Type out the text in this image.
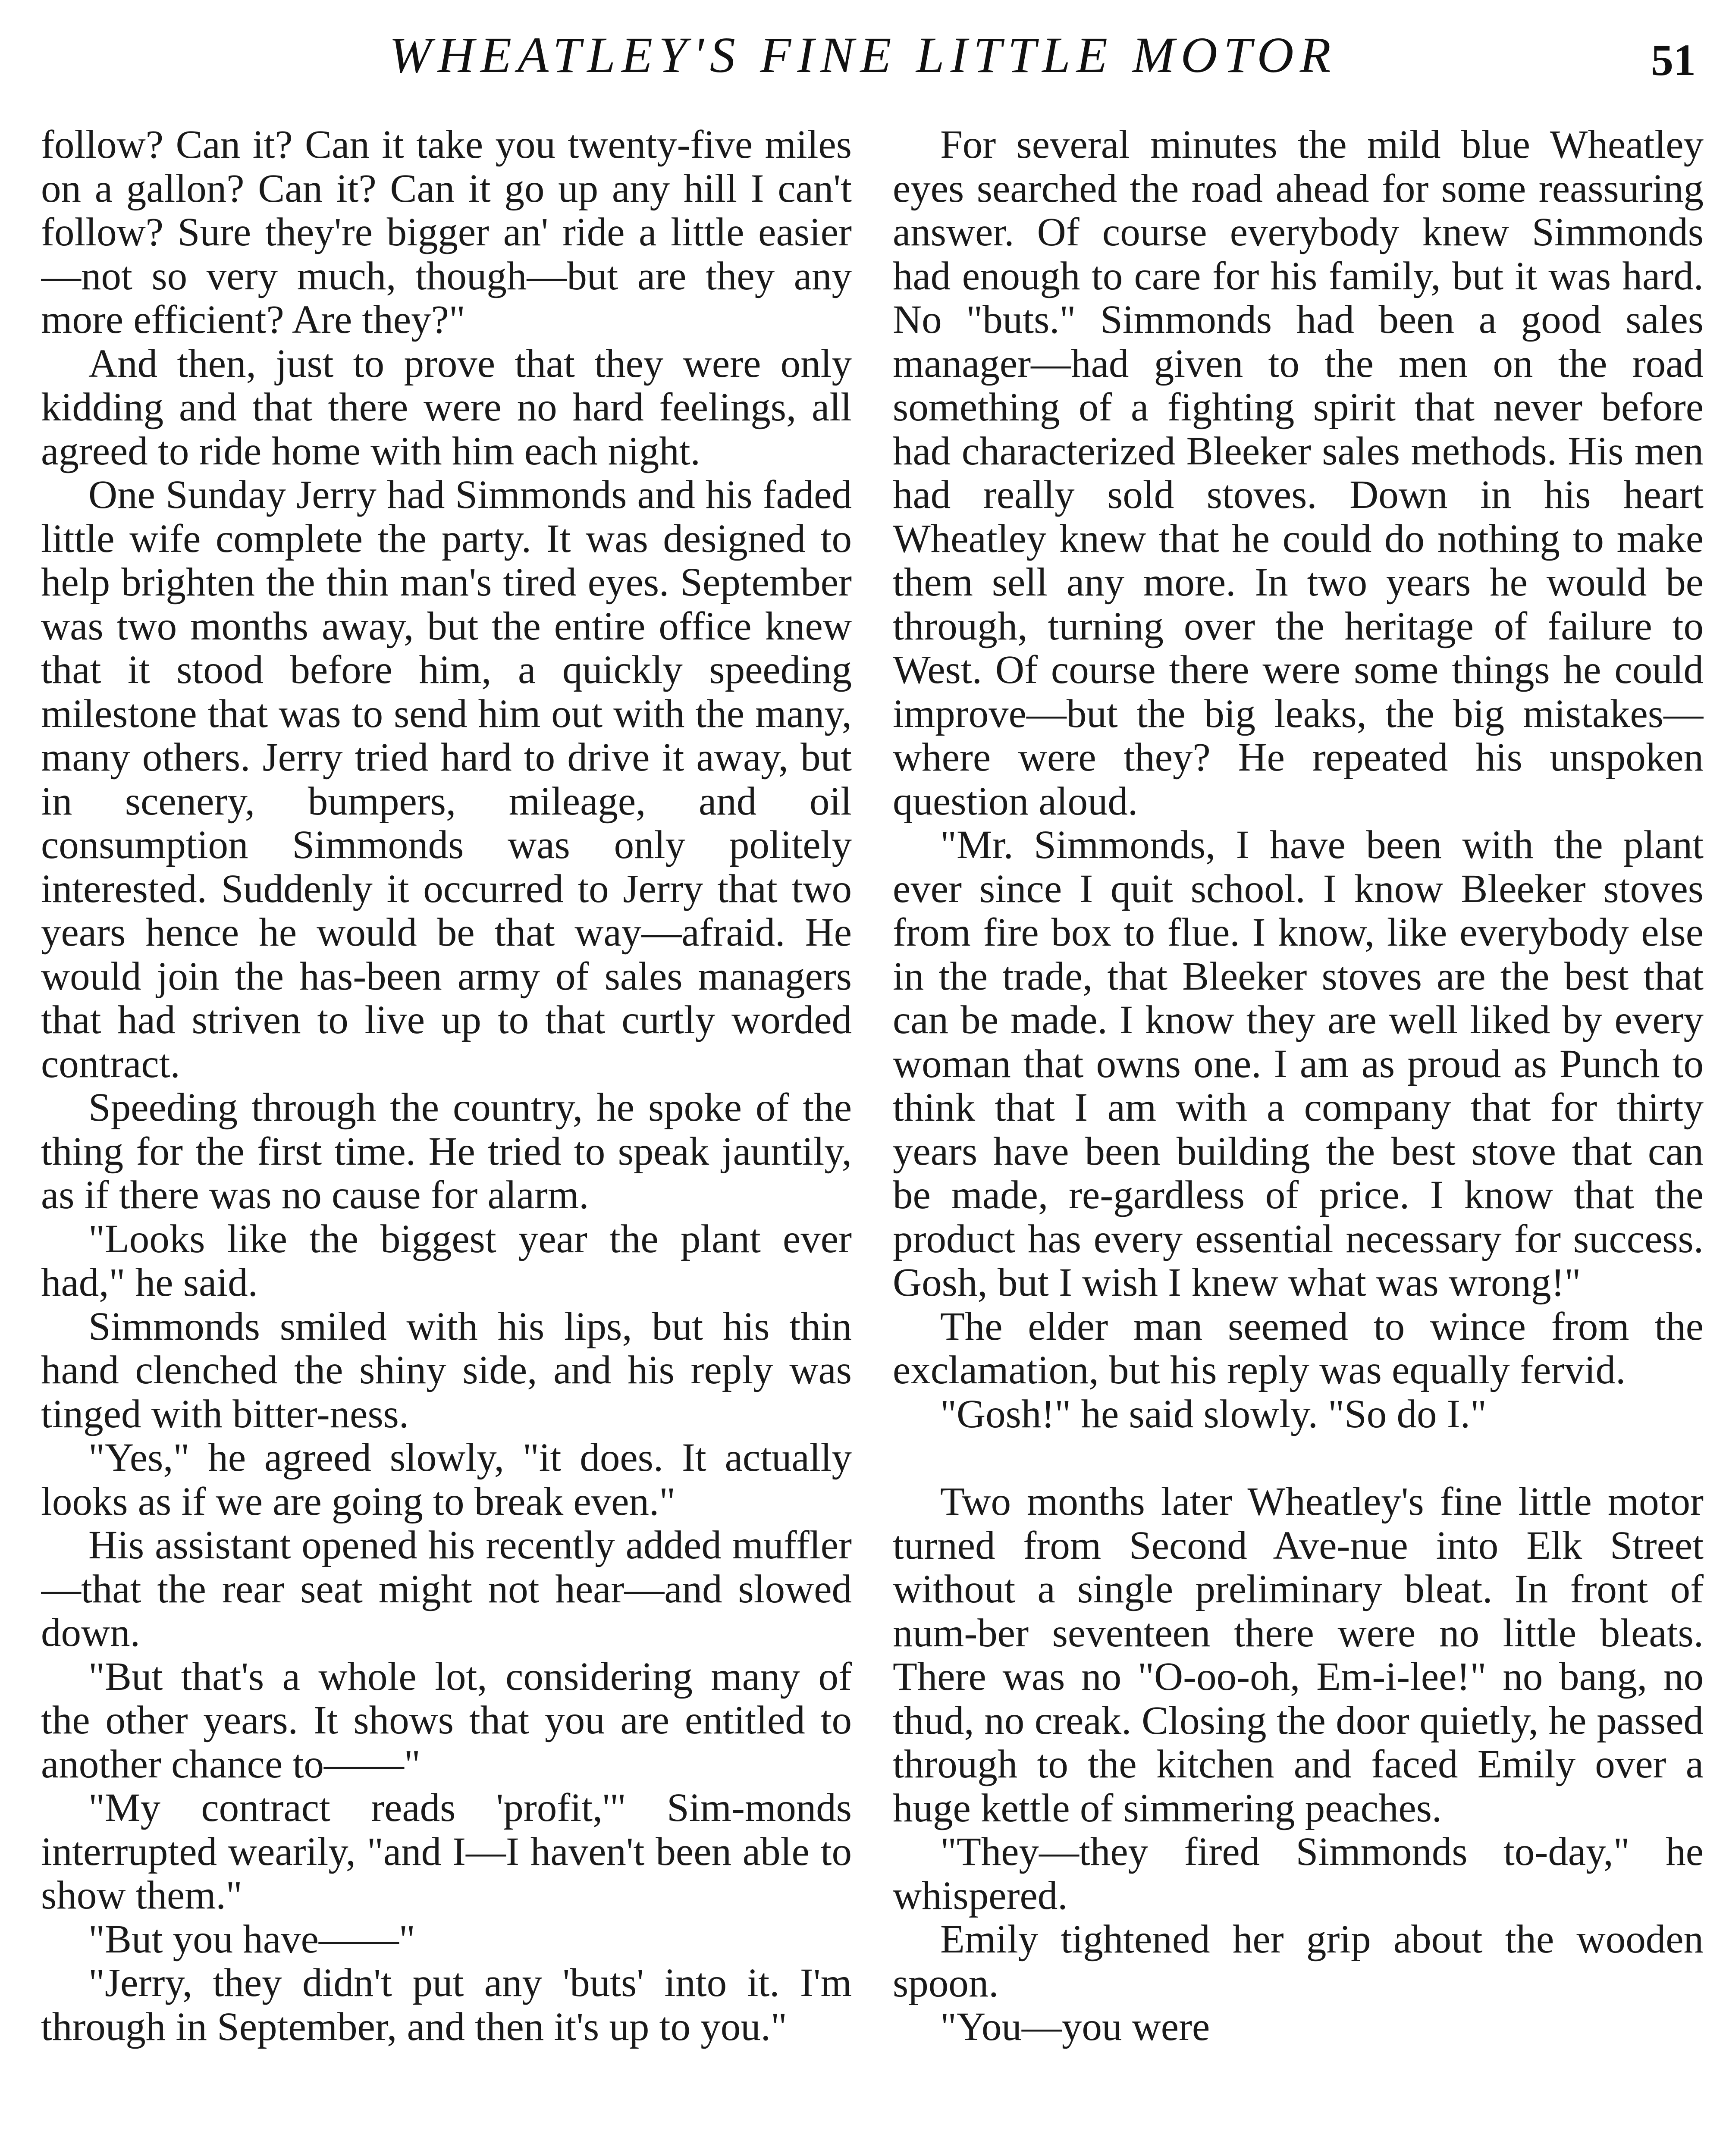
WHEATLEY'S FINE LITTLE MOTOR	51

follow? Can it? Can it take you twenty-five miles on a gallon? Can it? Can it go up any hill I can't follow? Sure they're bigger an' ride a little easier—not so very much, though—but are they any more efficient? Are they?"

And then, just to prove that they were only kidding and that there were no hard feelings, all agreed to ride home with him each night.

One Sunday Jerry had Simmonds and his faded little wife complete the party. It was designed to help brighten the thin man's tired eyes. September was two months away, but the entire office knew that it stood before him, a quickly speeding milestone that was to send him out with the many, many others. Jerry tried hard to drive it away, but in scenery, bumpers, mileage, and oil consumption Simmonds was only politely interested. Suddenly it occurred to Jerry that two years hence he would be that way—afraid. He would join the has-been army of sales managers that had striven to live up to that curtly worded contract.

Speeding through the country, he spoke of the thing for the first time. He tried to speak jauntily, as if there was no cause for alarm.

"Looks like the biggest year the plant ever had," he said.

Simmonds smiled with his lips, but his thin hand clenched the shiny side, and his reply was tinged with bitter-ness.

"Yes," he agreed slowly, "it does. It actually looks as if we are going to break even."

His assistant opened his recently added muffler—that the rear seat might not hear—and slowed down.

"But that's a whole lot, considering many of the other years. It shows that you are entitled to another chance to——"

"My contract reads 'profit,'" Sim-monds interrupted wearily, "and I—I haven't been able to show them."

"But you have——"

"Jerry, they didn't put any 'buts' into it. I'm through in September, and then it's up to you."

For several minutes the mild blue Wheatley eyes searched the road ahead for some reassuring answer. Of course everybody knew Simmonds had enough to care for his family, but it was hard. No "buts." Simmonds had been a good sales manager—had given to the men on the road something of a fighting spirit that never before had characterized Bleeker sales methods. His men had really sold stoves. Down in his heart Wheatley knew that he could do nothing to make them sell any more. In two years he would be through, turning over the heritage of failure to West. Of course there were some things he could improve—but the big leaks, the big mistakes—where were they? He repeated his unspoken question aloud.

"Mr. Simmonds, I have been with the plant ever since I quit school. I know Bleeker stoves from fire box to flue. I know, like everybody else in the trade, that Bleeker stoves are the best that can be made. I know they are well liked by every woman that owns one. I am as proud as Punch to think that I am with a company that for thirty years have been building the best stove that can be made, re-gardless of price. I know that the product has every essential necessary for success. Gosh, but I wish I knew what was wrong!"

The elder man seemed to wince from the exclamation, but his reply was equally fervid.

"Gosh!" he said slowly. "So do I."

Two months later Wheatley's fine little motor turned from Second Ave-nue into Elk Street without a single preliminary bleat. In front of num-ber seventeen there were no little bleats. There was no "O-oo-oh, Em-i-lee!" no bang, no thud, no creak. Closing the door quietly, he passed through to the kitchen and faced Emily over a huge kettle of simmering peaches.

"They—they fired Simmonds to-day," he whispered.

Emily tightened her grip about the wooden spoon.

"You—you were
